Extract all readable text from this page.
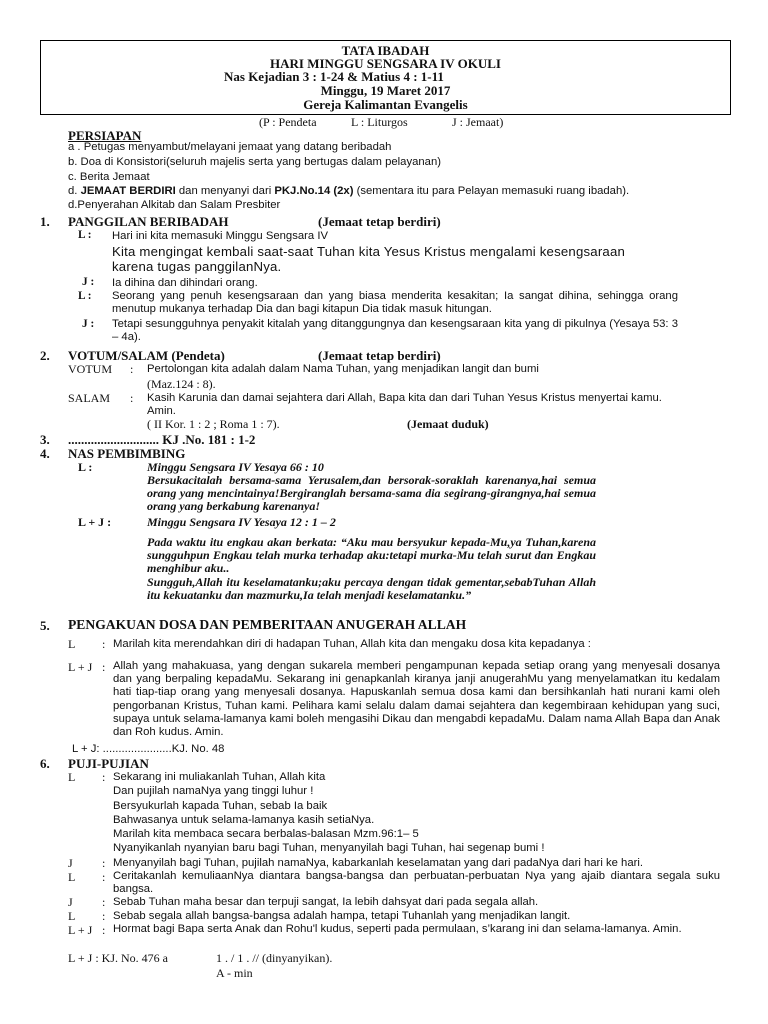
TATA IBADAH
HARI MINGGU SENGSARA IV OKULI
Nas Kejadian 3 : 1-24 & Matius 4 : 1-11
Minggu, 19 Maret 2017
Gereja Kalimantan Evangelis
(P : Pendeta	L : Liturgos	J : Jemaat)
PERSIAPAN
a . Petugas menyambut/melayani jemaat yang datang beribadah
b. Doa di Konsistori(seluruh majelis serta yang bertugas dalam pelayanan)
c. Berita Jemaat
d. JEMAAT BERDIRI dan menyanyi dari PKJ.No.14 (2x) (sementara itu para Pelayan memasuki ruang ibadah).
d.Penyerahan Alkitab dan Salam Presbiter
1. PANGGILAN BERIBADAH	(Jemaat tetap berdiri)
L : Hari ini kita memasuki Minggu Sengsara IV
Kita mengingat kembali saat-saat Tuhan kita Yesus Kristus mengalami kesengsaraan
karena tugas panggilanNya.
J : Ia dihina dan dihindari orang.
L : Seorang yang penuh kesengsaraan dan yang biasa menderita kesakitan; Ia sangat dihina, sehingga orang menutup mukanya terhadap Dia dan bagi kitapun Dia tidak masuk hitungan.
J : Tetapi sesungguhnya penyakit kitalah yang ditanggungnya dan kesengsaraan kita yang di pikulnya (Yesaya 53: 3 – 4a).
2. VOTUM/SALAM (Pendeta)	(Jemaat tetap berdiri)
VOTUM : Pertolongan kita adalah dalam Nama Tuhan, yang menjadikan langit dan bumi
(Maz.124 : 8).
SALAM : Kasih Karunia dan damai sejahtera dari Allah, Bapa kita dan dari Tuhan Yesus Kristus menyertai kamu.
Amin.
( II Kor. 1 : 2 ; Roma 1 : 7).	(Jemaat duduk)
3. ............................ KJ .No. 181 : 1-2
4. NAS PEMBIMBING
L :	Minggu Sengsara IV Yesaya 66 : 10
Bersukacitalah bersama-sama Yerusalem,dan bersorak-soraklah karenanya,hai semua orang yang mencintainya!Bergiranglah bersama-sama dia segirang-girangnya,hai semua orang yang berkabung karenanya!
L + J :	Minggu Sengsara IV Yesaya 12 : 1 – 2
Pada waktu itu engkau akan berkata: “Aku mau bersyukur kepada-Mu,ya Tuhan,karena sungguhpun Engkau telah murka terhadap aku:tetapi murka-Mu telah surut dan Engkau menghibur aku..
Sungguh,Allah itu keselamatanku;aku percaya dengan tidak gementar,sebabTuhan Allah itu kekuatanku dan mazmurku,Ia telah menjadi keselamatanku.”
5. PENGAKUAN DOSA DAN PEMBERITAAN ANUGERAH ALLAH
L : Marilah kita merendahkan diri di hadapan Tuhan, Allah kita dan mengaku dosa kita kepadanya :
L + J : Allah yang mahakuasa, yang dengan sukarela memberi pengampunan kepada setiap orang yang menyesali dosanya dan yang berpaling kepadaMu. Sekarang ini genapkanlah kiranya janji anugerahMu yang menyelamatkan itu kedalam hati tiap-tiap orang yang menyesali dosanya. Hapuskanlah semua dosa kami dan bersihkanlah hati nurani kami oleh pengorbanan Kristus, Tuhan kami. Pelihara kami selalu dalam damai sejahtera dan kegembiraan kehidupan yang suci, supaya untuk selama-lamanya kami boleh mengasihi Dikau dan mengabdi kepadaMu. Dalam nama Allah Bapa dan Anak dan Roh kudus. Amin.
L + J: ......................KJ. No. 48
6. PUJI-PUJIAN
L : Sekarang ini muliakanlah Tuhan, Allah kita
Dan pujilah namaNya yang tinggi luhur !
Bersyukurlah kapada Tuhan, sebab Ia baik
Bahwasanya untuk selama-lamanya kasih setiaNya.
Marilah kita membaca secara berbalas-balasan Mzm.96:1– 5
Nyanyikanlah nyanyian baru bagi Tuhan, menyanyilah bagi Tuhan, hai segenap bumi !
J : Menyanyilah bagi Tuhan, pujilah namaNya, kabarkanlah keselamatan yang dari padaNya dari hari ke hari.
L : Ceritakanlah kemuliaanNya diantara bangsa-bangsa dan perbuatan-perbuatan Nya yang ajaib diantara segala suku bangsa.
J : Sebab Tuhan maha besar dan terpuji sangat, Ia lebih dahsyat dari pada segala allah.
L : Sebab segala allah bangsa-bangsa adalah hampa, tetapi Tuhanlah yang menjadikan langit.
L + J : Hormat bagi Bapa serta Anak dan Rohu'l kudus, seperti pada permulaan, s’karang ini dan selama-lamanya. Amin.
L + J : KJ. No. 476 a	1 . / 1 . // (dinyanyikan).
A - min
